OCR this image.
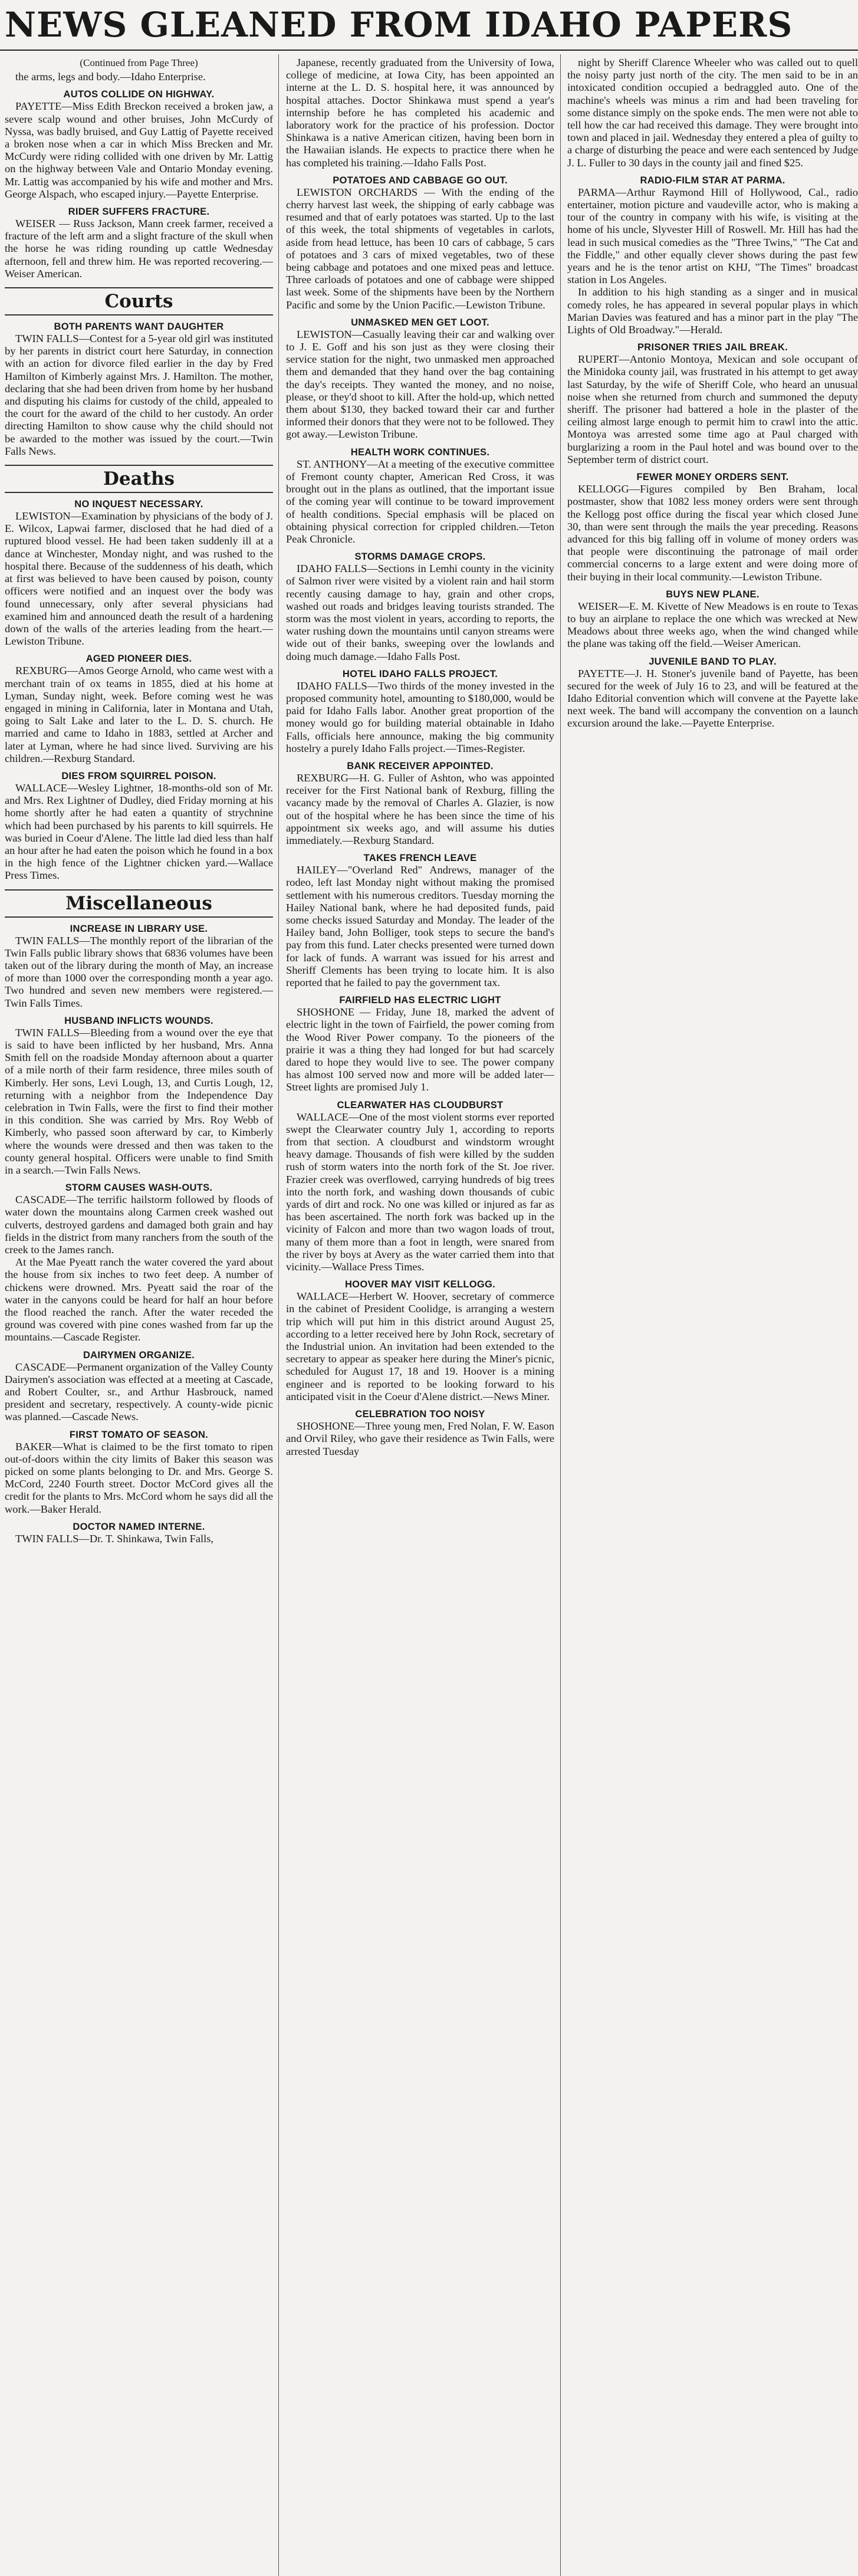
NEWS GLEANED FROM IDAHO PAPERS

(Continued from Page Three)

the arms, legs and body.—Idaho Enterprise.

AUTOS COLLIDE ON HIGHWAY.

PAYETTE—Miss Edith Breckon received a broken jaw, a severe scalp wound and other bruises, John McCurdy of Nyssa, was badly bruised, and Guy Lattig of Payette received a broken nose when a car in which Miss Brecken and Mr. McCurdy were riding collided with one driven by Mr. Lattig on the highway between Vale and Ontario Monday evening. Mr. Lattig was accompanied by his wife and mother and Mrs. George Alspach, who escaped injury.—Payette Enterprise.

RIDER SUFFERS FRACTURE.

WEISER — Russ Jackson, Mann creek farmer, received a fracture of the left arm and a slight fracture of the skull when the horse he was riding rounding up cattle Wednesday afternoon, fell and threw him. He was reported recovering.—Weiser American.

Courts

BOTH PARENTS WANT DAUGHTER

TWIN FALLS—Contest for a 5-year old girl was instituted by her parents in district court here Saturday, in connection with an action for divorce filed earlier in the day by Fred Hamilton of Kimberly against Mrs. J. Hamilton. The mother, declaring that she had been driven from home by her husband and disputing his claims for custody of the child, appealed to the court for the award of the child to her custody. An order directing Hamilton to show cause why the child should not be awarded to the mother was issued by the court.—Twin Falls News.

Deaths

NO INQUEST NECESSARY.

LEWISTON—Examination by physicians of the body of J. E. Wilcox, Lapwai farmer, disclosed that he had died of a ruptured blood vessel. He had been taken suddenly ill at a dance at Winchester, Monday night, and was rushed to the hospital there. Because of the suddenness of his death, which at first was believed to have been caused by poison, county officers were notified and an inquest over the body was found unnecessary, only after several physicians had examined him and announced death the result of a hardening down of the walls of the arteries leading from the heart.—Lewiston Tribune.

AGED PIONEER DIES.

REXBURG—Amos George Arnold, who came west with a merchant train of ox teams in 1855, died at his home at Lyman, Sunday night, week. Before coming west he was engaged in mining in California, later in Montana and Utah, going to Salt Lake and later to the L. D. S. church. He married and came to Idaho in 1883, settled at Archer and later at Lyman, where he had since lived. Surviving are his children.—Rexburg Standard.

DIES FROM SQUIRREL POISON.

WALLACE—Wesley Lightner, 18-months-old son of Mr. and Mrs. Rex Lightner of Dudley, died Friday morning at his home shortly after he had eaten a quantity of strychnine which had been purchased by his parents to kill squirrels. He was buried in Coeur d'Alene. The little lad died less than half an hour after he had eaten the poison which he found in a box in the high fence of the Lightner chicken yard.—Wallace Press Times.

Miscellaneous

INCREASE IN LIBRARY USE.

TWIN FALLS—The monthly report of the librarian of the Twin Falls public library shows that 6836 volumes have been taken out of the library during the month of May, an increase of more than 1000 over the corresponding month a year ago. Two hundred and seven new members were registered.—Twin Falls Times.

HUSBAND INFLICTS WOUNDS.

TWIN FALLS—Bleeding from a wound over the eye that is said to have been inflicted by her husband, Mrs. Anna Smith fell on the roadside Monday afternoon about a quarter of a mile north of their farm residence, three miles south of Kimberly. Her sons, Levi Lough, 13, and Curtis Lough, 12, returning with a neighbor from the Independence Day celebration in Twin Falls, were the first to find their mother in this condition. She was carried by Mrs. Roy Webb of Kimberly, who passed soon afterward by car, to Kimberly where the wounds were dressed and then was taken to the county general hospital. Officers were unable to find Smith in a search.—Twin Falls News.

STORM CAUSES WASH-OUTS.

CASCADE—The terrific hailstorm followed by floods of water down the mountains along Carmen creek washed out culverts, destroyed gardens and damaged both grain and hay fields in the district from many ranchers from the south of the creek to the James ranch.

At the Mae Pyeatt ranch the water covered the yard about the house from six inches to two feet deep. A number of chickens were drowned. Mrs. Pyeatt said the roar of the water in the canyons could be heard for half an hour before the flood reached the ranch. After the water receded the ground was covered with pine cones washed from far up the mountains.—Cascade Register.

DAIRYMEN ORGANIZE.

CASCADE—Permanent organization of the Valley County Dairymen's association was effected at a meeting at Cascade, and Robert Coulter, sr., and Arthur Hasbrouck, named president and secretary, respectively. A county-wide picnic was planned.—Cascade News.

FIRST TOMATO OF SEASON.

BAKER—What is claimed to be the first tomato to ripen out-of-doors within the city limits of Baker this season was picked on some plants belonging to Dr. and Mrs. George S. McCord, 2240 Fourth street. Doctor McCord gives all the credit for the plants to Mrs. McCord whom he says did all the work.—Baker Herald.

DOCTOR NAMED INTERNE.

TWIN FALLS—Dr. T. Shinkawa, Twin Falls,

Japanese, recently graduated from the University of Iowa, college of medicine, at Iowa City, has been appointed an interne at the L. D. S. hospital here, it was announced by hospital attaches. Doctor Shinkawa must spend a year's internship before he has completed his academic and laboratory work for the practice of his profession. Doctor Shinkawa is a native American citizen, having been born in the Hawaiian islands. He expects to practice there when he has completed his training.—Idaho Falls Post.

POTATOES AND CABBAGE GO OUT.

LEWISTON ORCHARDS — With the ending of the cherry harvest last week, the shipping of early cabbage was resumed and that of early potatoes was started. Up to the last of this week, the total shipments of vegetables in carlots, aside from head lettuce, has been 10 cars of cabbage, 5 cars of potatoes and 3 cars of mixed vegetables, two of these being cabbage and potatoes and one mixed peas and lettuce. Three carloads of potatoes and one of cabbage were shipped last week. Some of the shipments have been by the Northern Pacific and some by the Union Pacific.—Lewiston Tribune.

UNMASKED MEN GET LOOT.

LEWISTON—Casually leaving their car and walking over to J. E. Goff and his son just as they were closing their service station for the night, two unmasked men approached them and demanded that they hand over the bag containing the day's receipts. They wanted the money, and no noise, please, or they'd shoot to kill. After the hold-up, which netted them about $130, they backed toward their car and further informed their donors that they were not to be followed. They got away.—Lewiston Tribune.

HEALTH WORK CONTINUES.

ST. ANTHONY—At a meeting of the executive committee of Fremont county chapter, American Red Cross, it was brought out in the plans as outlined, that the important issue of the coming year will continue to be toward improvement of health conditions. Special emphasis will be placed on obtaining physical correction for crippled children.—Teton Peak Chronicle.

STORMS DAMAGE CROPS.

IDAHO FALLS—Sections in Lemhi county in the vicinity of Salmon river were visited by a violent rain and hail storm recently causing damage to hay, grain and other crops, washed out roads and bridges leaving tourists stranded. The storm was the most violent in years, according to reports, the water rushing down the mountains until canyon streams were wide out of their banks, sweeping over the lowlands and doing much damage.—Idaho Falls Post.

HOTEL IDAHO FALLS PROJECT.

IDAHO FALLS—Two thirds of the money invested in the proposed community hotel, amounting to $180,000, would be paid for Idaho Falls labor. Another great proportion of the money would go for building material obtainable in Idaho Falls, officials here announce, making the big community hostelry a purely Idaho Falls project.—Times-Register.

BANK RECEIVER APPOINTED.

REXBURG—H. G. Fuller of Ashton, who was appointed receiver for the First National bank of Rexburg, filling the vacancy made by the removal of Charles A. Glazier, is now out of the hospital where he has been since the time of his appointment six weeks ago, and will assume his duties immediately.—Rexburg Standard.

TAKES FRENCH LEAVE

HAILEY—"Overland Red" Andrews, manager of the rodeo, left last Monday night without making the promised settlement with his numerous creditors. Tuesday morning the Hailey National bank, where he had deposited funds, paid some checks issued Saturday and Monday. The leader of the Hailey band, John Bolliger, took steps to secure the band's pay from this fund. Later checks presented were turned down for lack of funds. A warrant was issued for his arrest and Sheriff Clements has been trying to locate him. It is also reported that he failed to pay the government tax.

FAIRFIELD HAS ELECTRIC LIGHT

SHOSHONE — Friday, June 18, marked the advent of electric light in the town of Fairfield, the power coming from the Wood River Power company. To the pioneers of the prairie it was a thing they had longed for but had scarcely dared to hope they would live to see. The power company has almost 100 served now and more will be added later—Street lights are promised July 1.

CLEARWATER HAS CLOUDBURST

WALLACE—One of the most violent storms ever reported swept the Clearwater country July 1, according to reports from that section. A cloudburst and windstorm wrought heavy damage. Thousands of fish were killed by the sudden rush of storm waters into the north fork of the St. Joe river. Frazier creek was overflowed, carrying hundreds of big trees into the north fork, and washing down thousands of cubic yards of dirt and rock. No one was killed or injured as far as has been ascertained. The north fork was backed up in the vicinity of Falcon and more than two wagon loads of trout, many of them more than a foot in length, were snared from the river by boys at Avery as the water carried them into that vicinity.—Wallace Press Times.

HOOVER MAY VISIT KELLOGG.

WALLACE—Herbert W. Hoover, secretary of commerce in the cabinet of President Coolidge, is arranging a western trip which will put him in this district around August 25, according to a letter received here by John Rock, secretary of the Industrial union. An invitation had been extended to the secretary to appear as speaker here during the Miner's picnic, scheduled for August 17, 18 and 19. Hoover is a mining engineer and is reported to be looking forward to his anticipated visit in the Coeur d'Alene district.—News Miner.

CELEBRATION TOO NOISY

SHOSHONE—Three young men, Fred Nolan, F. W. Eason and Orvil Riley, who gave their residence as Twin Falls, were arrested Tuesday

night by Sheriff Clarence Wheeler who was called out to quell the noisy party just north of the city. The men said to be in an intoxicated condition occupied a bedraggled auto. One of the machine's wheels was minus a rim and had been traveling for some distance simply on the spoke ends. The men were not able to tell how the car had received this damage. They were brought into town and placed in jail. Wednesday they entered a plea of guilty to a charge of disturbing the peace and were each sentenced by Judge J. L. Fuller to 30 days in the county jail and fined $25.

RADIO-FILM STAR AT PARMA.

PARMA—Arthur Raymond Hill of Hollywood, Cal., radio entertainer, motion picture and vaudeville actor, who is making a tour of the country in company with his wife, is visiting at the home of his uncle, Slyvester Hill of Roswell. Mr. Hill has had the lead in such musical comedies as the "Three Twins," "The Cat and the Fiddle," and other equally clever shows during the past few years and he is the tenor artist on KHJ, "The Times" broadcast station in Los Angeles.

In addition to his high standing as a singer and in musical comedy roles, he has appeared in several popular plays in which Marian Davies was featured and has a minor part in the play "The Lights of Old Broadway."—Herald.

PRISONER TRIES JAIL BREAK.

RUPERT—Antonio Montoya, Mexican and sole occupant of the Minidoka county jail, was frustrated in his attempt to get away last Saturday, by the wife of Sheriff Cole, who heard an unusual noise when she returned from church and summoned the deputy sheriff. The prisoner had battered a hole in the plaster of the ceiling almost large enough to permit him to crawl into the attic. Montoya was arrested some time ago at Paul charged with burglarizing a room in the Paul hotel and was bound over to the September term of district court.

FEWER MONEY ORDERS SENT.

KELLOGG—Figures compiled by Ben Braham, local postmaster, show that 1082 less money orders were sent through the Kellogg post office during the fiscal year which closed June 30, than were sent through the mails the year preceding. Reasons advanced for this big falling off in volume of money orders was that people were discontinuing the patronage of mail order commercial concerns to a large extent and were doing more of their buying in their local community.—Lewiston Tribune.

BUYS NEW PLANE.

WEISER—E. M. Kivette of New Meadows is en route to Texas to buy an airplane to replace the one which was wrecked at New Meadows about three weeks ago, when the wind changed while the plane was taking off the field.—Weiser American.

JUVENILE BAND TO PLAY.

PAYETTE—J. H. Stoner's juvenile band of Payette, has been secured for the week of July 16 to 23, and will be featured at the Idaho Editorial convention which will convene at the Payette lake next week. The band will accompany the convention on a launch excursion around the lake.—Payette Enterprise.
